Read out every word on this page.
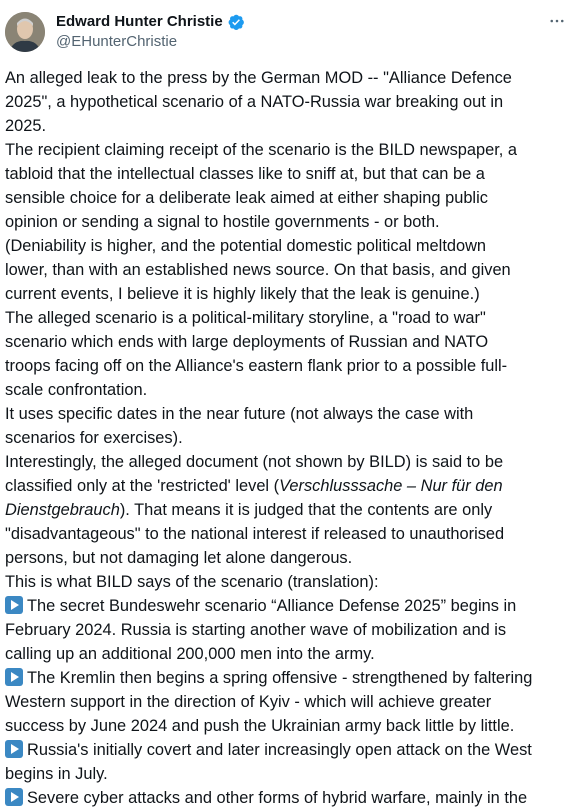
Edward Hunter Christie
@EHunterChristie
An alleged leak to the press by the German MOD -- "Alliance Defence
2025", a hypothetical scenario of a NATO-Russia war breaking out in
2025.
The recipient claiming receipt of the scenario is the BILD newspaper, a
tabloid that the intellectual classes like to sniff at, but that can be a
sensible choice for a deliberate leak aimed at either shaping public
opinion or sending a signal to hostile governments - or both.
(Deniability is higher, and the potential domestic political meltdown
lower, than with an established news source. On that basis, and given
current events, I believe it is highly likely that the leak is genuine.)
The alleged scenario is a political-military storyline, a "road to war"
scenario which ends with large deployments of Russian and NATO
troops facing off on the Alliance's eastern flank prior to a possible full-
scale confrontation.
It uses specific dates in the near future (not always the case with
scenarios for exercises).
Interestingly, the alleged document (not shown by BILD) is said to be
classified only at the 'restricted' level (Verschlusssache – Nur für den
Dienstgebrauch). That means it is judged that the contents are only
"disadvantageous" to the national interest if released to unauthorised
persons, but not damaging let alone dangerous.
This is what BILD says of the scenario (translation):
The secret Bundeswehr scenario “Alliance Defense 2025” begins in
February 2024. Russia is starting another wave of mobilization and is
calling up an additional 200,000 men into the army.
The Kremlin then begins a spring offensive - strengthened by faltering
Western support in the direction of Kyiv - which will achieve greater
success by June 2024 and push the Ukrainian army back little by little.
Russia's initially covert and later increasingly open attack on the West
begins in July.
Severe cyber attacks and other forms of hybrid warfare, mainly in the
